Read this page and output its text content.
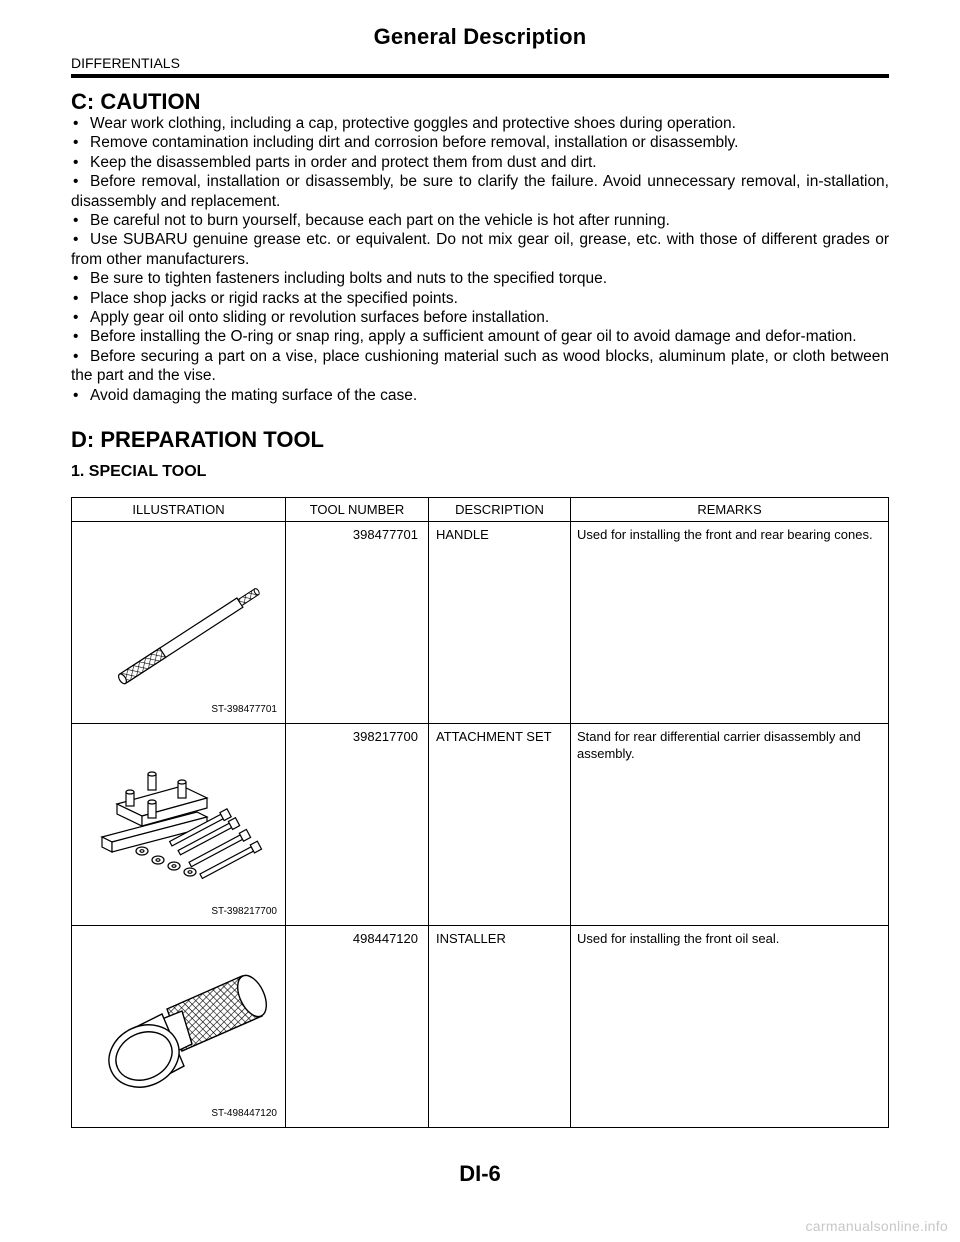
General Description
DIFFERENTIALS
C: CAUTION
• Wear work clothing, including a cap, protective goggles and protective shoes during operation.
• Remove contamination including dirt and corrosion before removal, installation or disassembly.
• Keep the disassembled parts in order and protect them from dust and dirt.
• Before removal, installation or disassembly, be sure to clarify the failure. Avoid unnecessary removal, in-stallation, disassembly and replacement.
• Be careful not to burn yourself, because each part on the vehicle is hot after running.
• Use SUBARU genuine grease etc. or equivalent. Do not mix gear oil, grease, etc. with those of different grades or from other manufacturers.
• Be sure to tighten fasteners including bolts and nuts to the specified torque.
• Place shop jacks or rigid racks at the specified points.
• Apply gear oil onto sliding or revolution surfaces before installation.
• Before installing the O-ring or snap ring, apply a sufficient amount of gear oil to avoid damage and defor-mation.
• Before securing a part on a vise, place cushioning material such as wood blocks, aluminum plate, or cloth between the part and the vise.
• Avoid damaging the mating surface of the case.
D: PREPARATION TOOL
1. SPECIAL TOOL
ILLUSTRATION	TOOL NUMBER	DESCRIPTION	REMARKS

ST-398477701	398477701	HANDLE	Used for installing the front and rear bearing cones.

ST-398217700	398217700	ATTACHMENT SET	Stand for rear differential carrier disassembly and assembly.

ST-498447120	498447120	INSTALLER	Used for installing the front oil seal.
DI-6
carmanualsonline.info
